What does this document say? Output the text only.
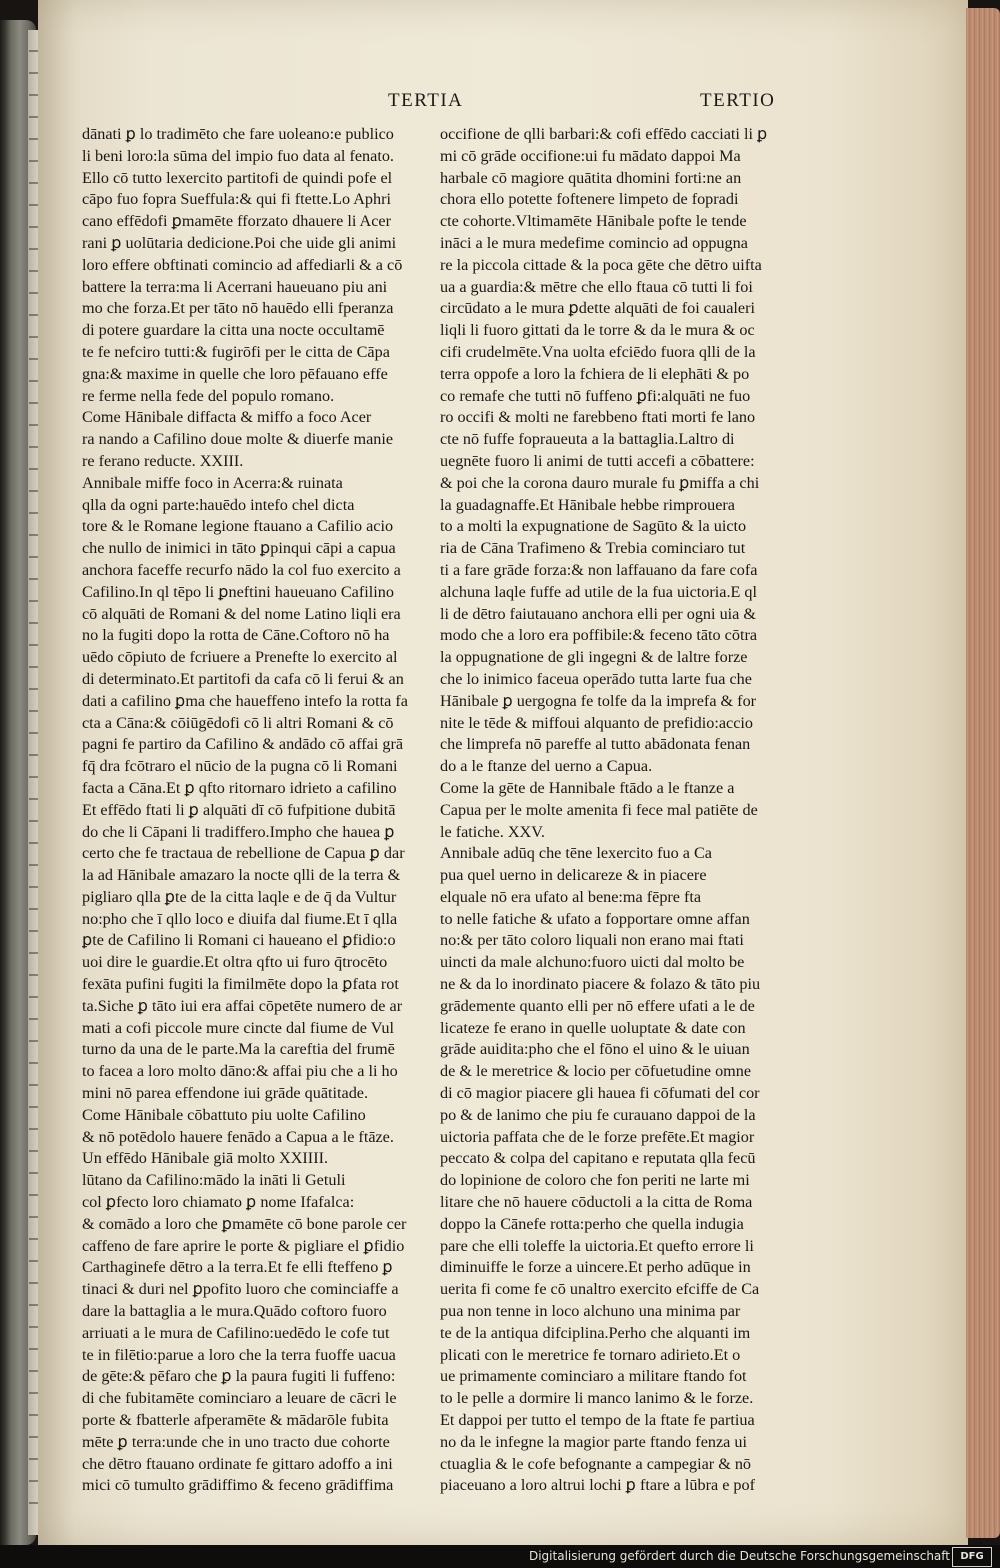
TERTIA	TERTIO
dānati ꝑ lo tradimēto che fare uoleano:e publico
li beni loro:la sūma del impio fuo data al fenato.
Ello cō tutto lexercito partitofi de quindi pofe el
cāpo fuo fopra Sueffula:& qui fi ftette.Lo Aphri
cano effēdofi ꝑmamēte fforzato dhauere li Acer
rani ꝑ uolūtaria dedicione.Poi che uide gli animi
loro effere obftinati comincio ad affediarli & a cō
battere la terra:ma li Acerrani haueuano piu ani
mo che forza.Et per tāto nō hauēdo elli fperanza
di potere guardare la citta una nocte occultamē
te fe nefciro tutti:& fugirōfi per le citta de Cāpa
gna:& maxime in quelle che loro pēfauano effe
re ferme nella fede del populo romano.
Come Hānibale diffacta & miffo a foco Acer
ra nando a Cafilino doue molte & diuerfe manie
re ferano reducte. XXIII.
Annibale miffe foco in Acerra:& ruinata
qlla da ogni parte:hauēdo intefo chel dicta
tore & le Romane legione ftauano a Cafilio acio
che nullo de inimici in tāto ꝑpinqui cāpi a capua
anchora faceffe recurfo nādo la col fuo exercito a
Cafilino.In ql tēpo li ꝑneftini haueuano Cafilino
cō alquāti de Romani & del nome Latino liqli era
no la fugiti dopo la rotta de Cāne.Coftoro nō ha
uēdo cōpiuto de fcriuere a Prenefte lo exercito al
di determinato.Et partitofi da cafa cō li ferui & an
dati a cafilino ꝑma che haueffeno intefo la rotta fa
cta a Cāna:& cōiūgēdofi cō li altri Romani & cō
pagni fe partiro da Cafilino & andādo cō affai grā
fq̄ dra fcōtraro el nūcio de la pugna cō li Romani
facta a Cāna.Et ꝑ qfto ritornaro idrieto a cafilino
Et effēdo ftati li ꝑ alquāti dī cō fufpitione dubitā
do che li Cāpani li tradiffero.Impho che hauea ꝑ
certo che fe tractaua de rebellione de Capua ꝑ dar
la ad Hānibale amazaro la nocte qlli de la terra &
pigliaro qlla ꝑte de la citta laqle e de q̄ da Vultur
no:pho che ī qllo loco e diuifa dal fiume.Et ī qlla
ꝑte de Cafilino li Romani ci haueano el ꝑfidio:o
uoi dire le guardie.Et oltra qfto ui furo q̄trocēto
fexāta pufini fugiti la fimilmēte dopo la ꝑfata rot
ta.Siche ꝑ tāto iui era affai cōpetēte numero de ar
mati a cofi piccole mure cincte dal fiume de Vul
turno da una de le parte.Ma la careftia del frumē
to facea a loro molto dāno:& affai piu che a li ho
mini nō parea effendone iui grāde quātitade.
Come Hānibale cōbattuto piu uolte Cafilino
& nō potēdolo hauere fenādo a Capua a le ftāze.
Un effēdo Hānibale giā molto XXIIII.
lūtano da Cafilino:mādo la ināti li Getuli
col ꝑfecto loro chiamato ꝑ nome Ifafalca:
& comādo a loro che ꝑmamēte cō bone parole cer
caffeno de fare aprire le porte & pigliare el ꝑfidio
Carthaginefe dētro a la terra.Et fe elli fteffeno ꝑ
tinaci & duri nel ꝑpofito luoro che cominciaffe a
dare la battaglia a le mura.Quādo coftoro fuoro
arriuati a le mura de Cafilino:uedēdo le cofe tut
te in filētio:parue a loro che la terra fuoffe uacua
de gēte:& pēfaro che ꝑ la paura fugiti li fuffeno:
di che fubitamēte cominciaro a leuare de cācri le
porte & fbatterle afperamēte & mādarōle fubita
mēte ꝑ terra:unde che in uno tracto due cohorte
che dētro ftauano ordinate fe gittaro adoffo a ini
mici cō tumulto grādiffimo & feceno grādiffima
occifione de qlli barbari:& cofi effēdo cacciati li ꝑ
mi cō grāde occifione:ui fu mādato dappoi Ma
harbale cō magiore quātita dhomini forti:ne an
chora ello potette foftenere limpeto de fopradi
cte cohorte.Vltimamēte Hānibale pofte le tende
ināci a le mura medefime comincio ad oppugna
re la piccola cittade & la poca gēte che dētro uifta
ua a guardia:& mētre che ello ftaua cō tutti li foi
circūdato a le mura ꝑdette alquāti de foi caualeri
liqli li fuoro gittati da le torre & da le mura & oc
cifi crudelmēte.Vna uolta efciēdo fuora qlli de la
terra oppofe a loro la fchiera de li elephāti & po
co remafe che tutti nō fuffeno ꝑfi:alquāti ne fuo
ro occifi & molti ne farebbeno ftati morti fe lano
cte nō fuffe fopraueuta a la battaglia.Laltro di
uegnēte fuoro li animi de tutti accefi a cōbattere:
& poi che la corona dauro murale fu ꝑmiffa a chi
la guadagnaffe.Et Hānibale hebbe rimprouera
to a molti la expugnatione de Sagūto & la uicto
ria de Cāna Trafimeno & Trebia cominciaro tut
ti a fare grāde forza:& non laffauano da fare cofa
alchuna laqle fuffe ad utile de la fua uictoria.E ql
li de dētro faiutauano anchora elli per ogni uia &
modo che a loro era poffibile:& feceno tāto cōtra
la oppugnatione de gli ingegni & de laltre forze
che lo inimico faceua operādo tutta larte fua che
Hānibale ꝑ uergogna fe tolfe da la imprefa & for
nite le tēde & miffoui alquanto de prefidio:accio
che limprefa nō pareffe al tutto abādonata fenan
do a le ftanze del uerno a Capua.
Come la gēte de Hannibale ftādo a le ftanze a
Capua per le molte amenita fi fece mal patiēte de
le fatiche. XXV.
Annibale adūq che tēne lexercito fuo a Ca
pua quel uerno in delicareze & in piacere
elquale nō era ufato al bene:ma fēpre fta
to nelle fatiche & ufato a fopportare omne affan
no:& per tāto coloro liquali non erano mai ftati
uincti da male alchuno:fuoro uicti dal molto be
ne & da lo inordinato piacere & folazo & tāto piu
grādemente quanto elli per nō effere ufati a le de
licateze fe erano in quelle uoluptate & date con
grāde auidita:pho che el fōno el uino & le uiuan
de & le meretrice & locio per cōfuetudine omne
di cō magior piacere gli hauea fi cōfumati del cor
po & de lanimo che piu fe curauano dappoi de la
uictoria paffata che de le forze prefēte.Et magior
peccato & colpa del capitano e reputata qlla fecū
do lopinione de coloro che fon periti ne larte mi
litare che nō hauere cōductoli a la citta de Roma
doppo la Cānefe rotta:perho che quella indugia
pare che elli toleffe la uictoria.Et quefto errore li
diminuiffe le forze a uincere.Et perho adūque in
uerita fi come fe cō unaltro exercito efciffe de Ca
pua non tenne in loco alchuno una minima par
te de la antiqua difciplina.Perho che alquanti im
plicati con le meretrice fe tornaro adirieto.Et o
ue primamente cominciaro a militare ftando fot
to le pelle a dormire li manco lanimo & le forze.
Et dappoi per tutto el tempo de la ftate fe partiua
no da le infegne la magior parte ftando fenza ui
ctuaglia & le cofe befognante a campegiar & nō
piaceuano a loro altrui lochi ꝑ ftare a lūbra e pof
Digitalisierung gefördert durch die Deutsche Forschungsgemeinschaft	DFG
